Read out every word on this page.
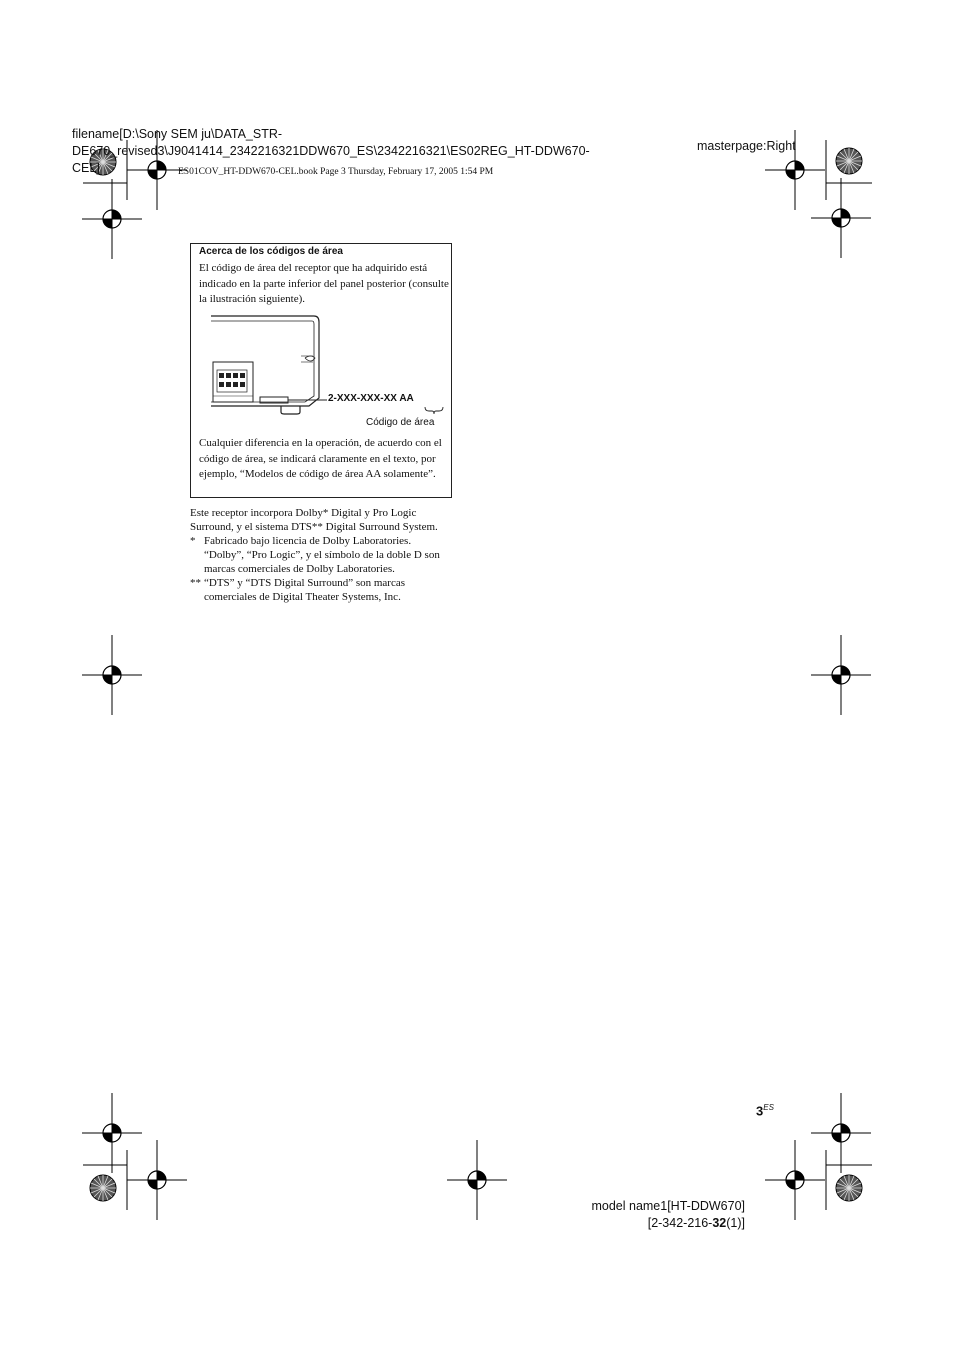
filename[D:\Sony SEM ju\DATA_STR-
DE670_revised3\J9041414_2342216321DDW670_ES\2342216321\ES02REG_HT-DDW670-
CEL]
masterpage:Right
ES01COV_HT-DDW670-CEL.book Page 3 Thursday, February 17, 2005 1:54 PM
Acerca de los códigos de área
El código de área del receptor que ha adquirido está indicado en la parte inferior del panel posterior (consulte la ilustración siguiente).
2-XXX-XXX-XX AA
Código de área
Cualquier diferencia en la operación, de acuerdo con el código de área, se indicará claramente en el texto, por ejemplo, “Modelos de código de área AA solamente”.

Este receptor incorpora Dolby* Digital y Pro Logic Surround, y el sistema DTS** Digital Surround System.

* Fabricado bajo licencia de Dolby Laboratories. “Dolby”, “Pro Logic”, y el símbolo de la doble D son marcas comerciales de Dolby Laboratories.

** “DTS” y “DTS Digital Surround” son marcas comerciales de Digital Theater Systems, Inc.

$3^{ES}$
model name1[HT-DDW670]
[2-342-216-32(1)]
